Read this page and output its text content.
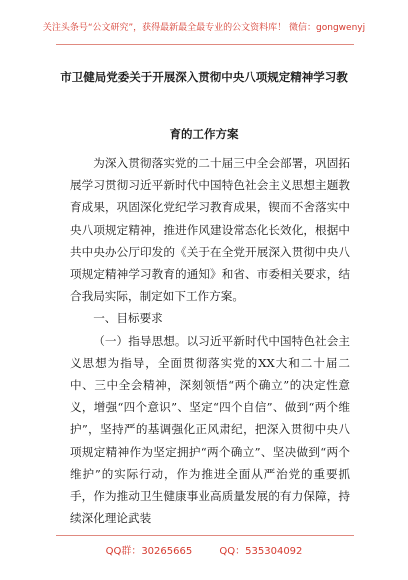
关注头条号“公文研究”，获得最新最全最专业的公文资料库！ 微信：gongwenyj
市卫健局党委关于开展深入贯彻中央八项规定精神学习教
育的工作方案

为深入贯彻落实党的二十届三中全会部署，巩固拓展学习贯彻习近平新时代中国特色社会主义思想主题教育成果，巩固深化党纪学习教育成果，锲而不舍落实中央八项规定精神，推进作风建设常态化长效化，根据中共中央办公厅印发的《关于在全党开展深入贯彻中央八项规定精神学习教育的通知》和省、市委相关要求，结合我局实际，制定如下工作方案。

一、目标要求

（一）指导思想。以习近平新时代中国特色社会主义思想为指导，全面贯彻落实党的XX大和二十届二中、三中全会精神，深刻领悟“两个确立”的决定性意义，增强“四个意识”、坚定“四个自信”、做到“两个维护”，坚持严的基调强化正风肃纪，把深入贯彻中央八项规定精神作为坚定拥护“两个确立”、坚决做到“两个维护”的实际行动，作为推进全面从严治党的重要抓手，作为推动卫生健康事业高质量发展的有力保障，持续深化理论武装

QQ群：30265665	QQ：535304092
